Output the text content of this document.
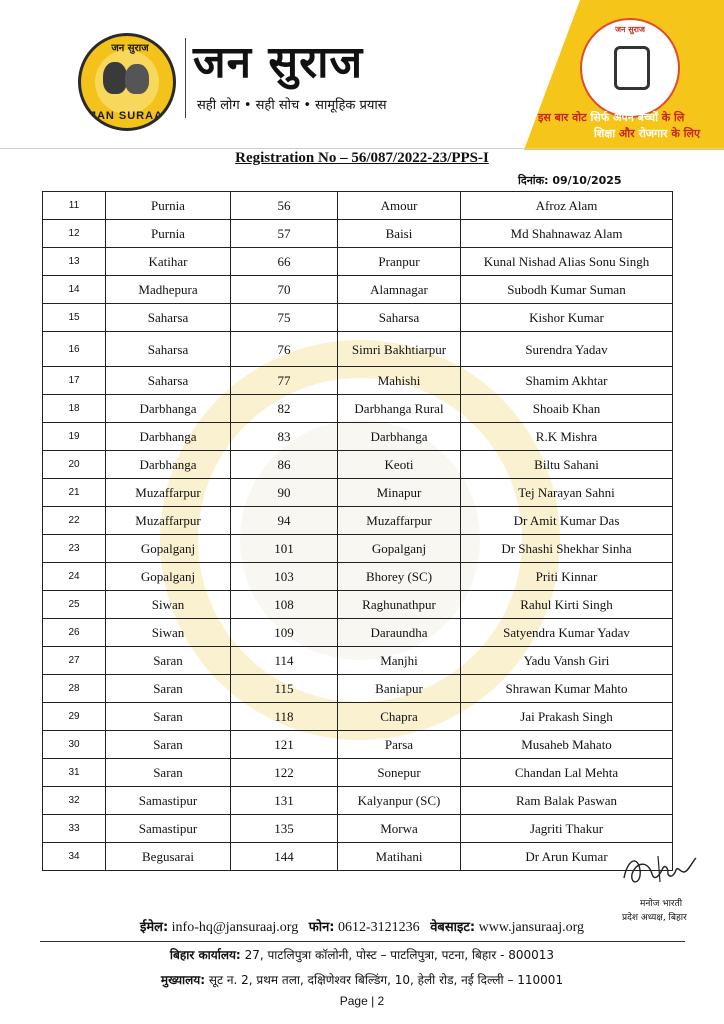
जन सुराज
JAN SURAAJ
जन सुराज
सही लोग • सही सोच • सामूहिक प्रयास
जन सुराज
इस बार वोट सिर्फ अपने बच्चों के लि
शिक्षा और रोजगार के लिए
Registration No – 56/087/2022-23/PPS-I
दिनांक: 09/10/2025
11	Purnia	56	Amour	Afroz Alam
12	Purnia	57	Baisi	Md Shahnawaz Alam
13	Katihar	66	Pranpur	Kunal Nishad Alias Sonu Singh
14	Madhepura	70	Alamnagar	Subodh Kumar Suman
15	Saharsa	75	Saharsa	Kishor Kumar
16	Saharsa	76	Simri Bakhtiarpur	Surendra Yadav
17	Saharsa	77	Mahishi	Shamim Akhtar
18	Darbhanga	82	Darbhanga Rural	Shoaib Khan
19	Darbhanga	83	Darbhanga	R.K Mishra
20	Darbhanga	86	Keoti	Biltu Sahani
21	Muzaffarpur	90	Minapur	Tej Narayan Sahni
22	Muzaffarpur	94	Muzaffarpur	Dr Amit Kumar Das
23	Gopalganj	101	Gopalganj	Dr Shashi Shekhar Sinha
24	Gopalganj	103	Bhorey (SC)	Priti Kinnar
25	Siwan	108	Raghunathpur	Rahul Kirti Singh
26	Siwan	109	Daraundha	Satyendra Kumar Yadav
27	Saran	114	Manjhi	Yadu Vansh Giri
28	Saran	115	Baniapur	Shrawan Kumar Mahto
29	Saran	118	Chapra	Jai Prakash Singh
30	Saran	121	Parsa	Musaheb Mahato
31	Saran	122	Sonepur	Chandan Lal Mehta
32	Samastipur	131	Kalyanpur (SC)	Ram Balak Paswan
33	Samastipur	135	Morwa	Jagriti Thakur
34	Begusarai	144	Matihani	Dr Arun Kumar
मनोज भारती
प्रदेश अध्यक्ष, बिहार
ईमेल: info-hq@jansuraaj.org फोन: 0612-3121236 वेबसाइट: www.jansuraaj.org
बिहार कार्यालय: 27, पाटलिपुत्रा कॉलोनी, पोस्ट – पाटलिपुत्रा, पटना, बिहार - 800013
मुख्यालय: सूट न. 2, प्रथम तला, दक्षिणेश्वर बिल्डिंग, 10, हेली रोड, नई दिल्ली – 110001
Page | 2
